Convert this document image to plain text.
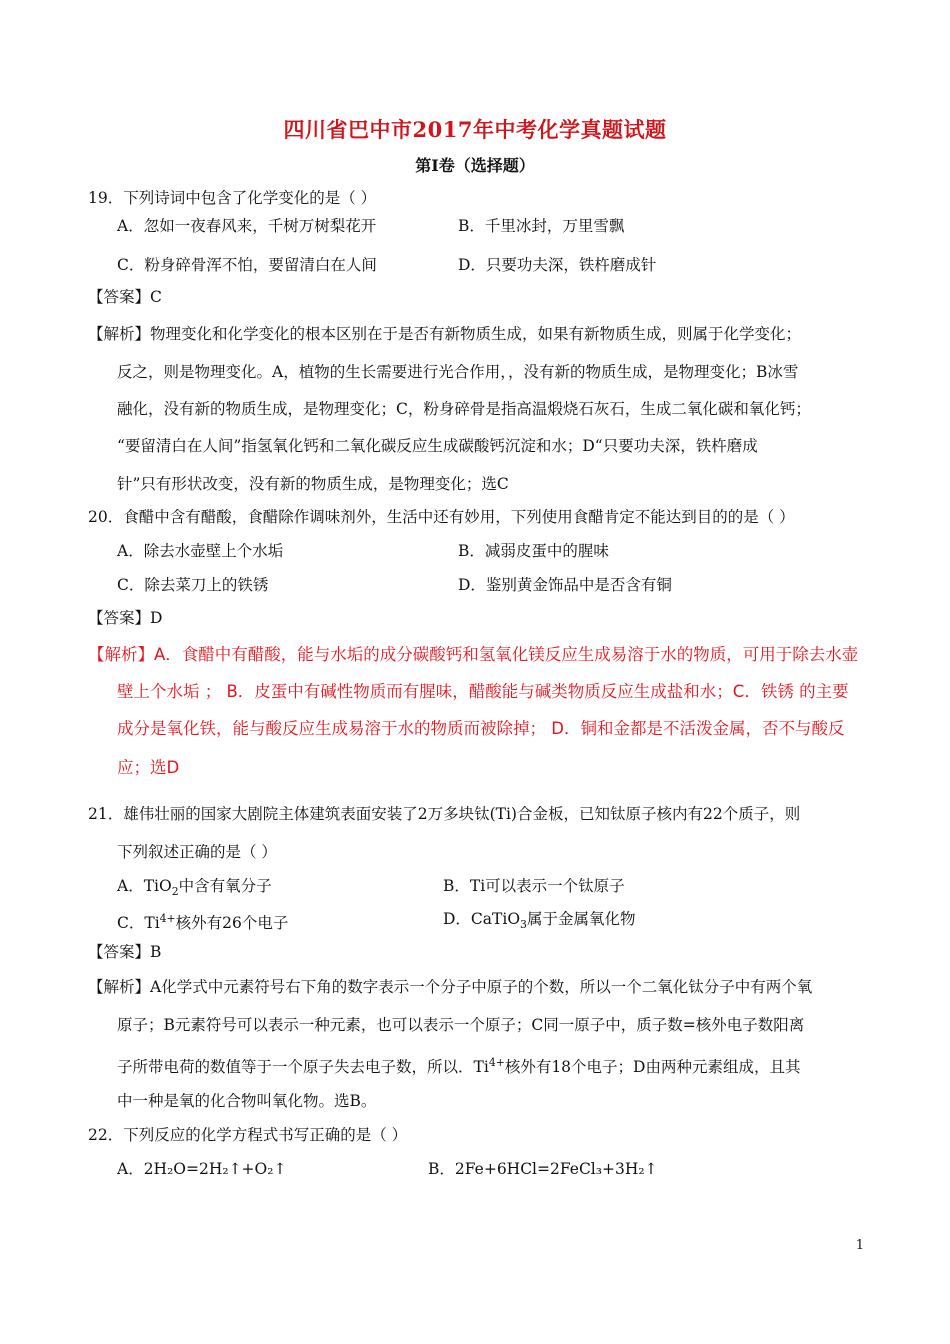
四川省巴中市2017年中考化学真题试题
第Ⅰ卷（选择题）
19．下列诗词中包含了化学变化的是（ ）
A．忽如一夜春风来，千树万树梨花开	B．千里冰封，万里雪飘
C．粉身碎骨浑不怕，要留清白在人间	D．只要功夫深，铁杵磨成针
【答案】C
【解析】物理变化和化学变化的根本区别在于是否有新物质生成，如果有新物质生成，则属于化学变化；
反之，则是物理变化。A，植物的生长需要进行光合作用，，没有新的物质生成，是物理变化；B冰雪
融化，没有新的物质生成，是物理变化；C，粉身碎骨是指高温煅烧石灰石，生成二氧化碳和氧化钙；
“要留清白在人间”指氢氧化钙和二氧化碳反应生成碳酸钙沉淀和水；D“只要功夫深，铁杵磨成
针”只有形状改变，没有新的物质生成，是物理变化；选C
20．食醋中含有醋酸，食醋除作调味剂外，生活中还有妙用，下列使用食醋肯定不能达到目的的是（ ）
A．除去水壶壁上个水垢	B．减弱皮蛋中的腥味
C．除去菜刀上的铁锈	D．鉴别黄金饰品中是否含有铜
【答案】D
【解析】A．食醋中有醋酸，能与水垢的成分碳酸钙和氢氧化镁反应生成易溶于水的物质，可用于除去水壶
壁上个水垢 ； B．皮蛋中有碱性物质而有腥味，醋酸能与碱类物质反应生成盐和水；C．铁锈 的主要
成分是氧化铁，能与酸反应生成易溶于水的物质而被除掉； D．铜和金都是不活泼金属，否不与酸反
应；选D
21．雄伟壮丽的国家大剧院主体建筑表面安装了2万多块钛(Ti)合金板，已知钛原子核内有22个质子，则
下列叙述正确的是（ ）
A．TiO$_2$中含有氧分子	B．Ti可以表示一个钛原子
C．$Ti^{4+}$核外有26个电子	D．CaTiO$_3$属于金属氧化物
【答案】B
【解析】A化学式中元素符号右下角的数字表示一个分子中原子的个数，所以一个二氧化钛分子中有两个氧
原子；B元素符号可以表示一种元素，也可以表示一个原子；C同一原子中，质子数=核外电子数阳离
子所带电荷的数值等于一个原子失去电子数，所以．$Ti^{4+}$核外有18个电子；D由两种元素组成，且其
中一种是氧的化合物叫氧化物。选B。
22．下列反应的化学方程式书写正确的是（ ）
A．2H₂O=2H₂↑+O₂↑	B．2Fe+6HCl=2FeCl₃+3H₂↑
1
